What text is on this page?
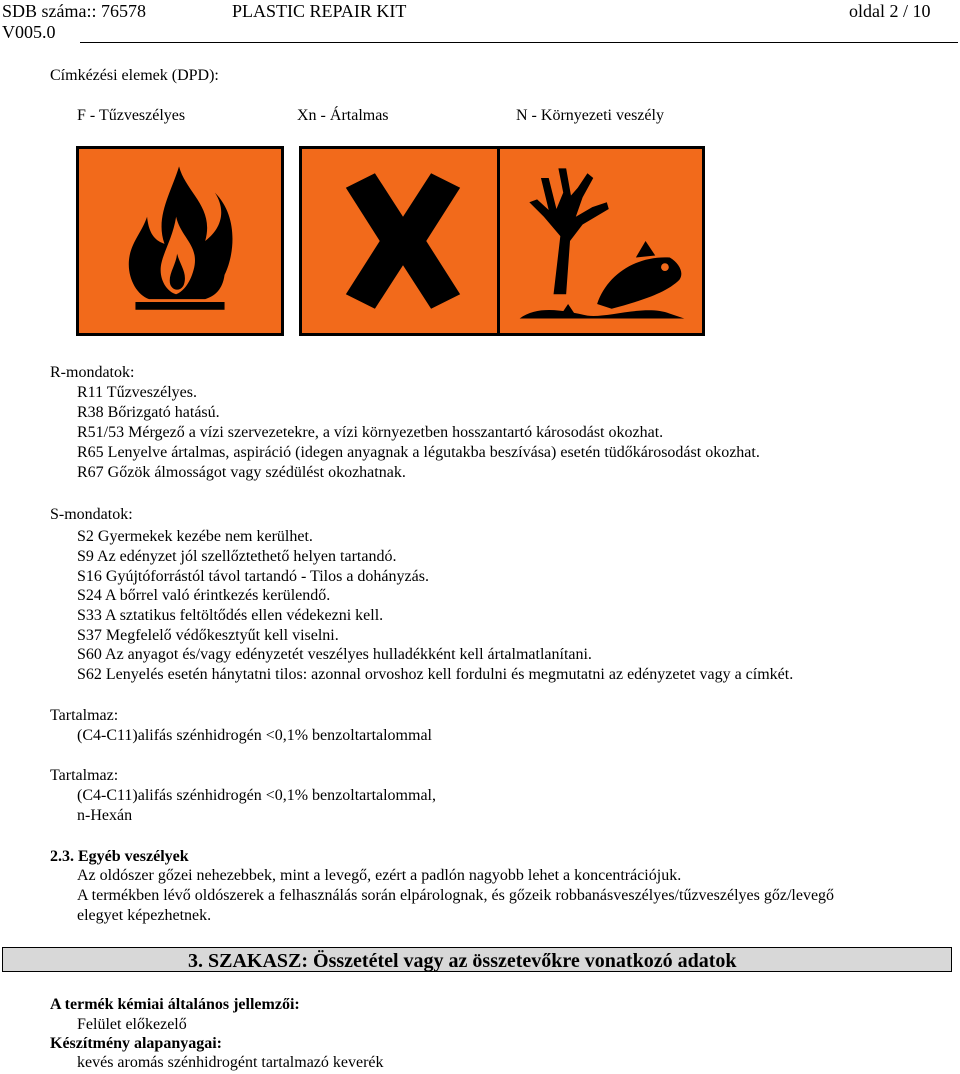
SDB száma:: 76578
V005.0
PLASTIC REPAIR KIT	oldal 2 / 10
Címkézési elemek (DPD):
F - Tűzveszélyes	Xn - Ártalmas	N - Környezeti veszély
R-mondatok:
R11 Tűzveszélyes.
R38 Bőrizgató hatású.
R51/53 Mérgező a vízi szervezetekre, a vízi környezetben hosszantartó károsodást okozhat.
R65 Lenyelve ártalmas, aspiráció (idegen anyagnak a légutakba beszívása) esetén tüdőkárosodást okozhat.
R67 Gőzök álmosságot vagy szédülést okozhatnak.
S-mondatok:
S2 Gyermekek kezébe nem kerülhet.
S9 Az edényzet jól szellőztethető helyen tartandó.
S16 Gyújtóforrástól távol tartandó - Tilos a dohányzás.
S24 A bőrrel való érintkezés kerülendő.
S33 A sztatikus feltöltődés ellen védekezni kell.
S37 Megfelelő védőkesztyűt kell viselni.
S60 Az anyagot és/vagy edényzetét veszélyes hulladékként kell ártalmatlanítani.
S62 Lenyelés esetén hánytatni tilos: azonnal orvoshoz kell fordulni és megmutatni az edényzetet vagy a címkét.
Tartalmaz:
(C4-C11)alifás szénhidrogén <0,1% benzoltartalommal
Tartalmaz:
(C4-C11)alifás szénhidrogén <0,1% benzoltartalommal,
n-Hexán
2.3. Egyéb veszélyek
Az oldószer gőzei nehezebbek, mint a levegő, ezért a padlón nagyobb lehet a koncentrációjuk.
A termékben lévő oldószerek a felhasználás során elpárolognak, és gőzeik robbanásveszélyes/tűzveszélyes gőz/levegő
elegyet képezhetnek.
3. SZAKASZ: Összetétel vagy az összetevőkre vonatkozó adatok
A termék kémiai általános jellemzői:
Felület előkezelő
Készítmény alapanyagai:
kevés aromás szénhidrogént tartalmazó keverék
